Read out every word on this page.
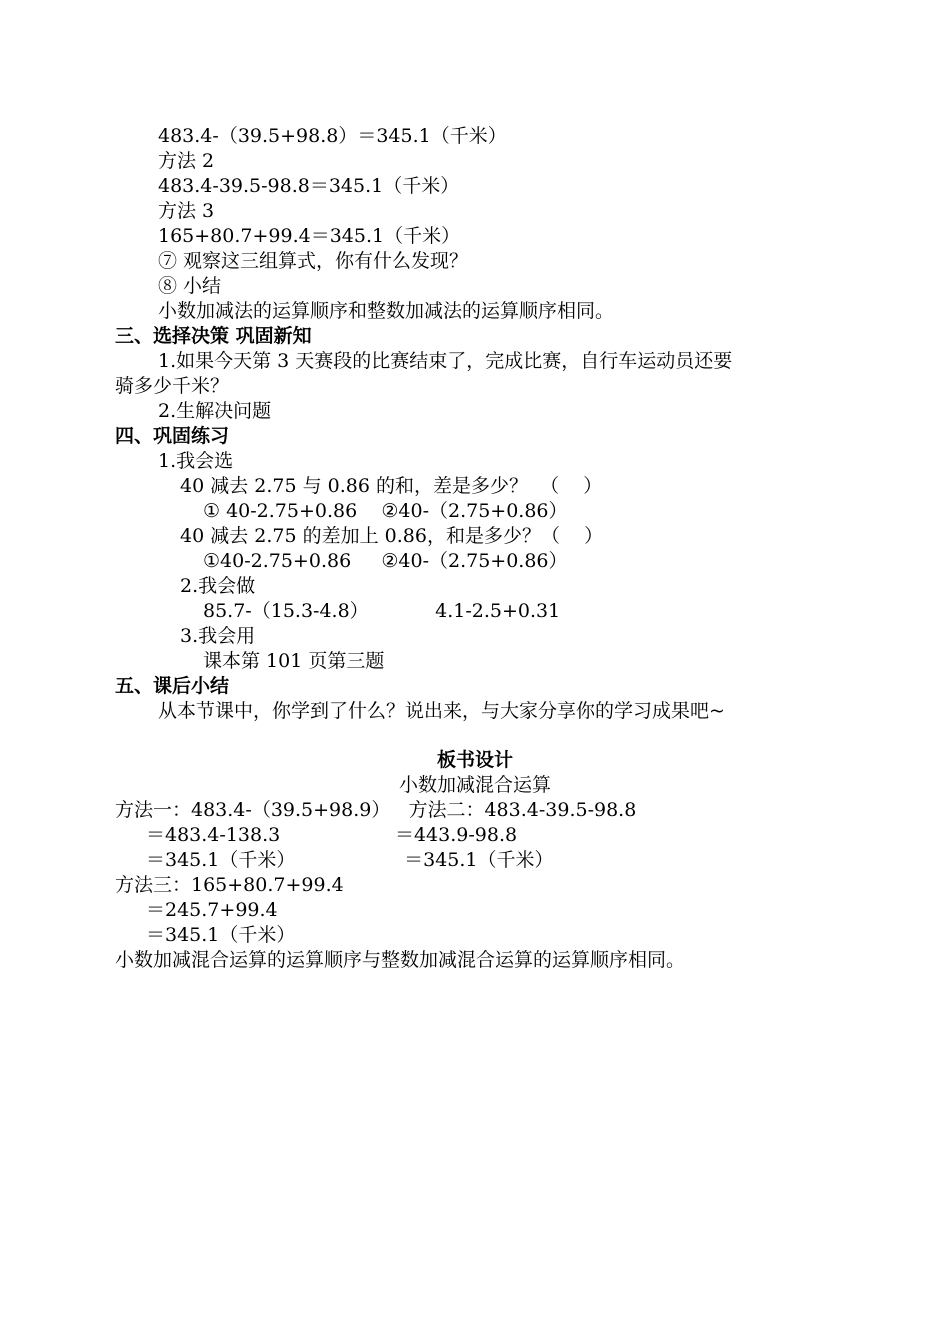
483.4-（39.5+98.8）＝345.1（千米）

方法 2

483.4-39.5-98.8＝345.1（千米）

方法 3

165+80.7+99.4＝345.1（千米）

⑦ 观察这三组算式，你有什么发现？

⑧ 小结

小数加减法的运算顺序和整数加减法的运算顺序相同。

三、选择决策 巩固新知

1.如果今天第 3 天赛段的比赛结束了，完成比赛，自行车运动员还要

骑多少千米？

2.生解决问题

四、巩固练习

1.我会选

40 减去 2.75 与 0.86 的和，差是多少？  （    ）

① 40-2.75+0.86    ②40-（2.75+0.86）

40 减去 2.75 的差加上 0.86，和是多少？（    ）

①40-2.75+0.86     ②40-（2.75+0.86）

2.我会做

85.7-（15.3-4.8）           4.1-2.5+0.31

3.我会用

课本第 101 页第三题

五、课后小结

从本节课中，你学到了什么？说出来，与大家分享你的学习成果吧~

板书设计

小数加减混合运算

方法一：483.4-（39.5+98.9）   方法二：483.4-39.5-98.8

＝483.4-138.3                   ＝443.9-98.8

＝345.1（千米）                  ＝345.1（千米）

方法三：165+80.7+99.4

＝245.7+99.4

＝345.1（千米）

小数加减混合运算的运算顺序与整数加减混合运算的运算顺序相同。
